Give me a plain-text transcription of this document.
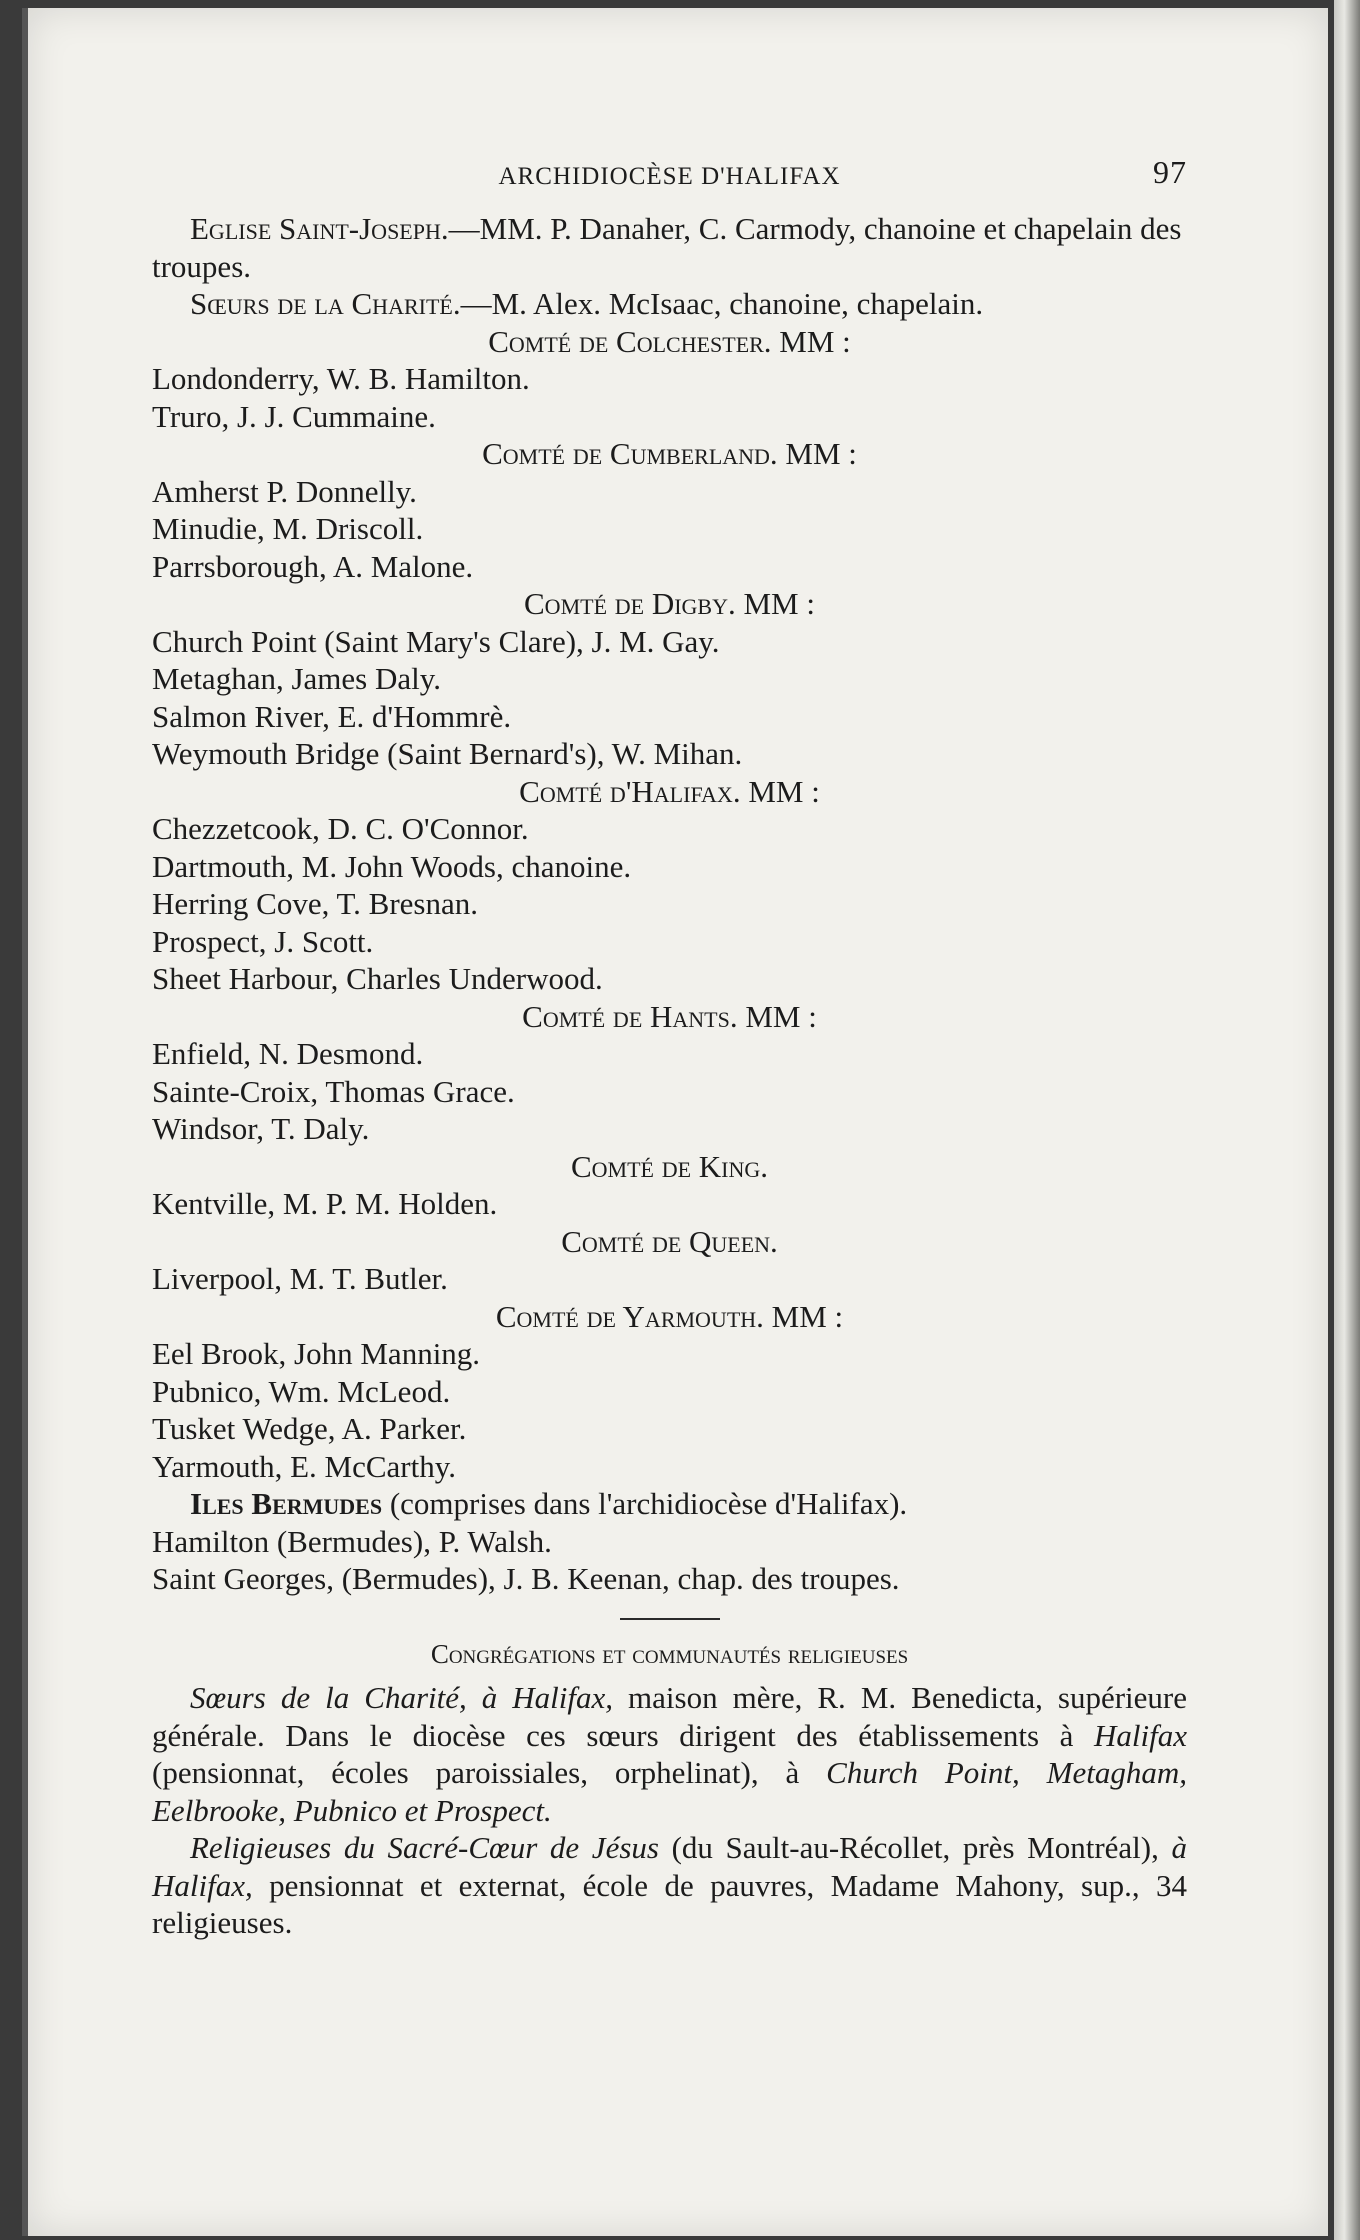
ARCHIDIOCÈSE D'HALIFAX	97

Eglise Saint-Joseph.—MM. P. Danaher, C. Carmody, chanoine et chapelain des troupes.

Sœurs de la Charité.—M. Alex. McIsaac, chanoine, chapelain.

Comté de Colchester. MM :

Londonderry, W. B. Hamilton.

Truro, J. J. Cummaine.

Comté de Cumberland. MM :

Amherst P. Donnelly.

Minudie, M. Driscoll.

Parrsborough, A. Malone.

Comté de Digby. MM :

Church Point (Saint Mary's Clare), J. M. Gay.

Metaghan, James Daly.

Salmon River, E. d'Hommrè.

Weymouth Bridge (Saint Bernard's), W. Mihan.

Comté d'Halifax. MM :

Chezzetcook, D. C. O'Connor.

Dartmouth, M. John Woods, chanoine.

Herring Cove, T. Bresnan.

Prospect, J. Scott.

Sheet Harbour, Charles Underwood.

Comté de Hants. MM :

Enfield, N. Desmond.

Sainte-Croix, Thomas Grace.

Windsor, T. Daly.

Comté de King.

Kentville, M. P. M. Holden.

Comté de Queen.

Liverpool, M. T. Butler.

Comté de Yarmouth. MM :

Eel Brook, John Manning.

Pubnico, Wm. McLeod.

Tusket Wedge, A. Parker.

Yarmouth, E. McCarthy.

Iles Bermudes (comprises dans l'archidiocèse d'Halifax).

Hamilton (Bermudes), P. Walsh.

Saint Georges, (Bermudes), J. B. Keenan, chap. des troupes.

Congrégations et communautés religieuses

Sœurs de la Charité, à Halifax, maison mère, R. M. Benedicta, supérieure générale. Dans le diocèse ces sœurs dirigent des établissements à Halifax (pensionnat, écoles paroissiales, orphelinat), à Church Point, Metagham, Eelbrooke, Pubnico et Prospect.

Religieuses du Sacré-Cœur de Jésus (du Sault-au-Récollet, près Montréal), à Halifax, pensionnat et externat, école de pauvres, Madame Mahony, sup., 34 religieuses.
